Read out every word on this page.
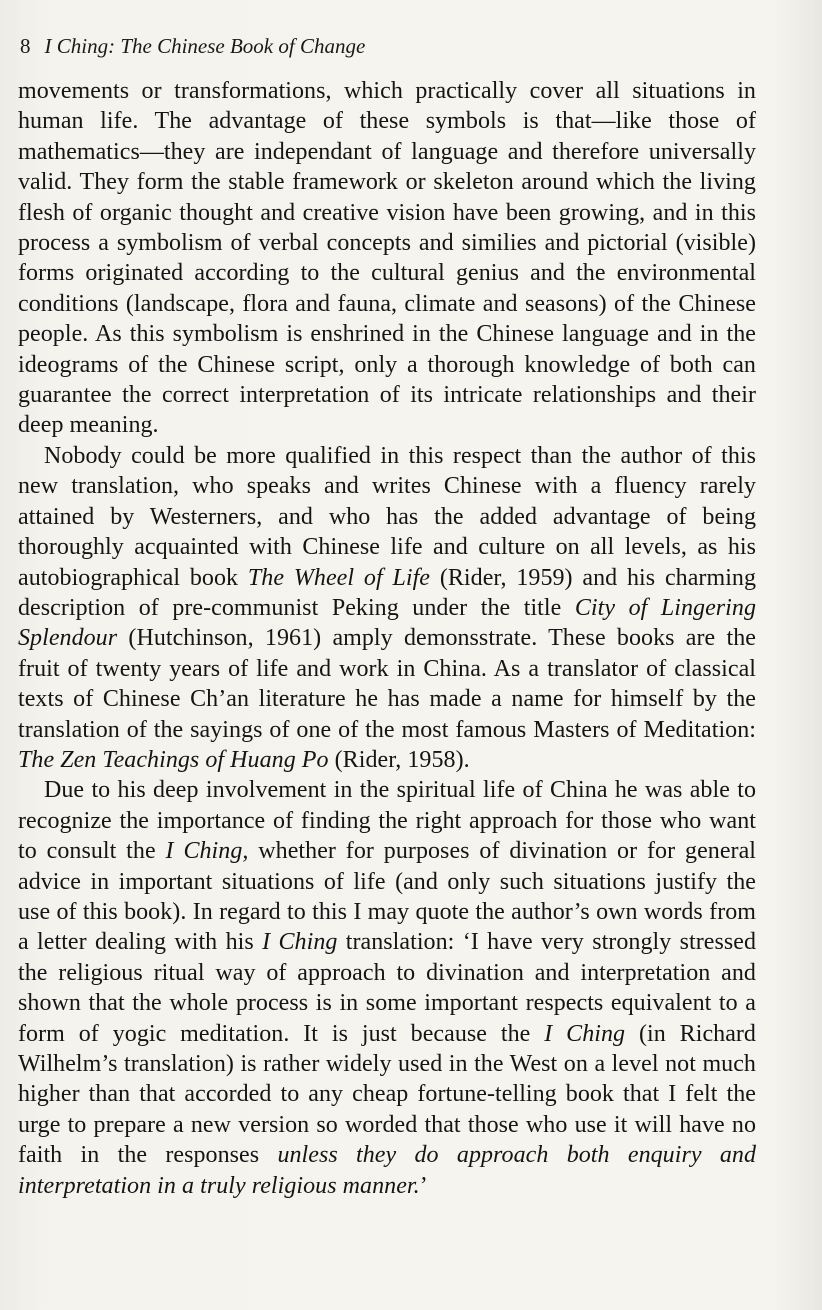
8 I Ching: The Chinese Book of Change

movements or transformations, which practically cover all situations in human life. The advantage of these symbols is that—like those of mathematics—they are independant of language and therefore universally valid. They form the stable framework or skeleton around which the living flesh of organic thought and creative vision have been growing, and in this process a symbolism of verbal concepts and similies and pictorial (visible) forms originated according to the cultural genius and the environmental conditions (landscape, flora and fauna, climate and seasons) of the Chinese people. As this symbolism is enshrined in the Chinese language and in the ideograms of the Chinese script, only a thorough knowledge of both can guarantee the correct interpretation of its intricate relationships and their deep meaning.

Nobody could be more qualified in this respect than the author of this new translation, who speaks and writes Chinese with a fluency rarely attained by Westerners, and who has the added advantage of being thoroughly acquainted with Chinese life and culture on all levels, as his autobiographical book The Wheel of Life (Rider, 1959) and his charming description of pre-communist Peking under the title City of Lingering Splendour (Hutchinson, 1961) amply demonsstrate. These books are the fruit of twenty years of life and work in China. As a translator of classical texts of Chinese Ch’an literature he has made a name for himself by the translation of the sayings of one of the most famous Masters of Meditation: The Zen Teachings of Huang Po (Rider, 1958).

Due to his deep involvement in the spiritual life of China he was able to recognize the importance of finding the right approach for those who want to consult the I Ching, whether for purposes of divination or for general advice in important situations of life (and only such situations justify the use of this book). In regard to this I may quote the author’s own words from a letter dealing with his I Ching translation: ‘I have very strongly stressed the religious ritual way of approach to divination and interpretation and shown that the whole process is in some important respects equivalent to a form of yogic meditation. It is just because the I Ching (in Richard Wilhelm’s translation) is rather widely used in the West on a level not much higher than that accorded to any cheap fortune-telling book that I felt the urge to prepare a new version so worded that those who use it will have no faith in the responses unless they do approach both enquiry and interpretation in a truly religious manner.’
